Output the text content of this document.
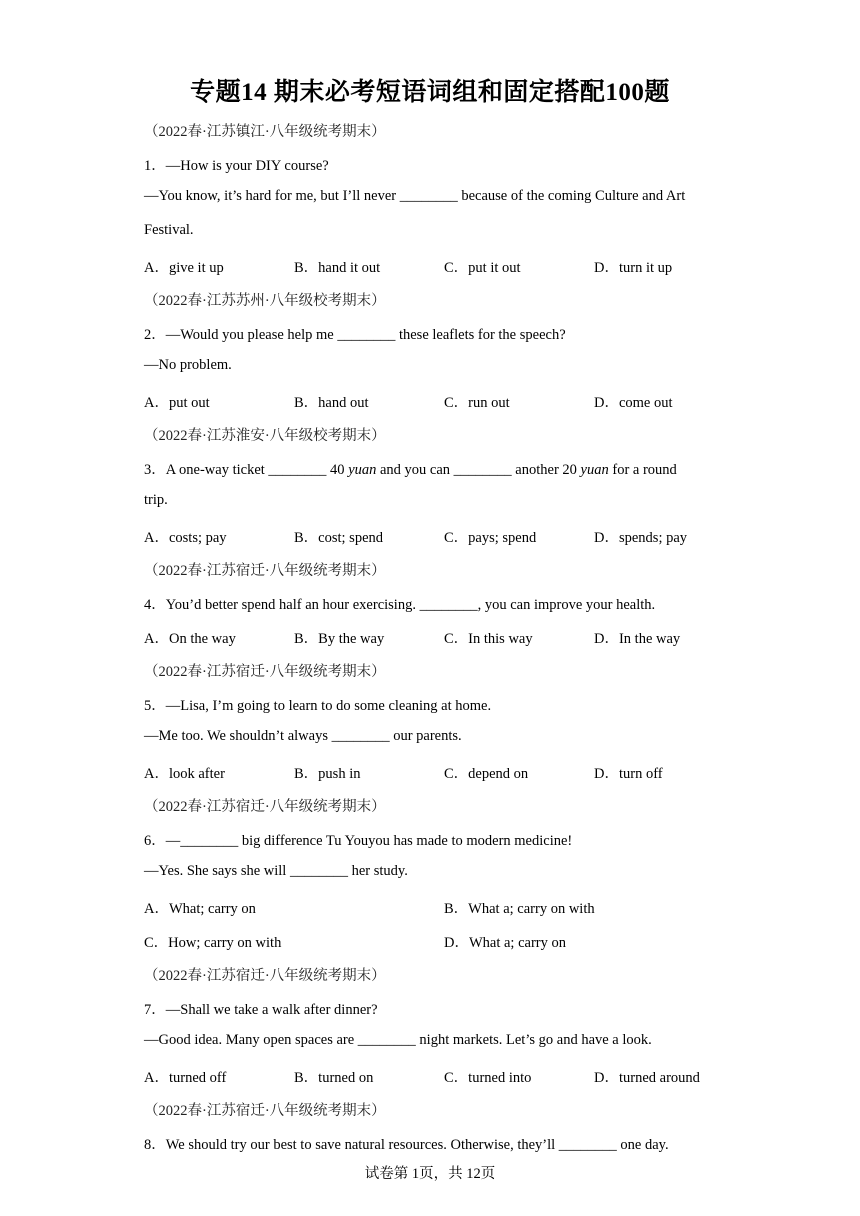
专题14 期末必考短语词组和固定搭配100题
（2022春·江苏镇江·八年级统考期末）
1．—How is your DIY course?
—You know, it’s hard for me, but I’ll never ________ because of the coming Culture and Art
Festival.
A．give it up	B．hand it out	C．put it out	D．turn it up
（2022春·江苏苏州·八年级校考期末）
2．—Would you please help me ________ these leaflets for the speech?
—No problem.
A．put out	B．hand out	C．run out	D．come out
（2022春·江苏淮安·八年级校考期末）
3．A one-way ticket ________ 40 yuan and you can ________ another 20 yuan for a round
trip.
A．costs; pay	B．cost; spend	C．pays; spend	D．spends; pay
（2022春·江苏宿迁·八年级统考期末）
4．You’d better spend half an hour exercising. ________, you can improve your health.
A．On the way	B．By the way	C．In this way	D．In the way
（2022春·江苏宿迁·八年级统考期末）
5．—Lisa, I’m going to learn to do some cleaning at home.
—Me too. We shouldn’t always ________ our parents.
A．look after	B．push in	C．depend on	D．turn off
（2022春·江苏宿迁·八年级统考期末）
6．—________ big difference Tu Youyou has made to modern medicine!
—Yes. She says she will ________ her study.
A．What; carry on	B．What a; carry on with
C．How; carry on with	D．What a; carry on
（2022春·江苏宿迁·八年级统考期末）
7．—Shall we take a walk after dinner?
—Good idea. Many open spaces are ________ night markets. Let’s go and have a look.
A．turned off	B．turned on	C．turned into	D．turned around
（2022春·江苏宿迁·八年级统考期末）
8．We should try our best to save natural resources. Otherwise, they’ll ________ one day.
试卷第 1页，共 12页
